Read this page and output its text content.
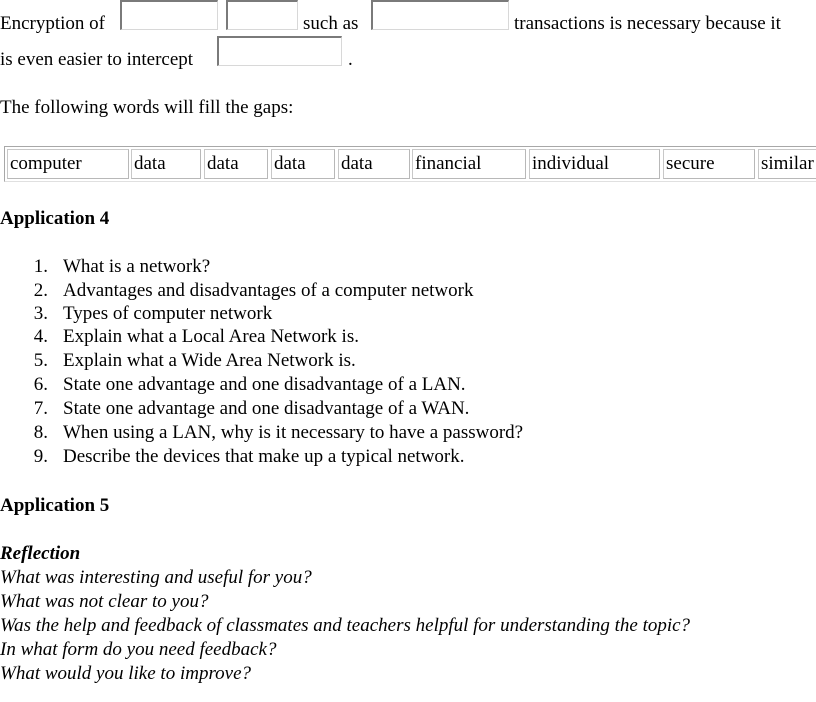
Encryption of	such as	transactions is necessary because it
is even easier to intercept	.
The following words will fill the gaps:
computer	data	data	data	data	financial	individual	secure	similar
Application 4
1. What is a network?
2. Advantages and disadvantages of a computer network
3. Types of computer network
4. Explain what a Local Area Network is.
5. Explain what a Wide Area Network is.
6. State one advantage and one disadvantage of a LAN.
7. State one advantage and one disadvantage of a WAN.
8. When using a LAN, why is it necessary to have a password?
9. Describe the devices that make up a typical network.
Application 5
Reflection
What was interesting and useful for you?
What was not clear to you?
Was the help and feedback of classmates and teachers helpful for understanding the topic?
In what form do you need feedback?
What would you like to improve?
